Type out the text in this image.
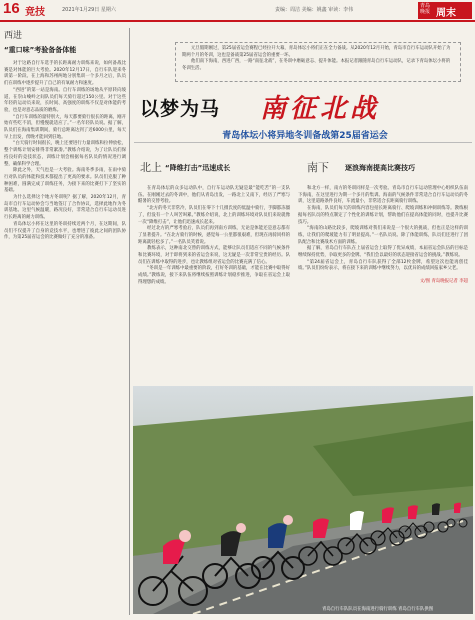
16 竞技	2021年1月29日 星期六	责编：周洁 美编：姚鑫 审读：李伟
青岛
晚报 周末
西进
“重口味”考验备备体能

对于这路自行车选手的长距离耐力训练来说，如何备战比赛是对体能的巨大考验。2020年12月17日，自行车队迎来冬训第一阶段。在上海和苏州两地分别集训一个多月之后，队员们在训练中逐步提升了自己的有氧耐力和速度。

“西进”的第一站是海南。自行车训练的场地从平原转向坡道，在崇山峻岭之间队员们每天骑行超过150公里。对于这些年轻的运动员来说，长时间、高强度的训练不仅是对体能的考验，也是对意志品质的磨炼。

“自行车训练的量特别大，每天都要骑行很长的距离，刚开始有些吃不消，但慢慢就适应了。”一名年轻队员说。据了解，队员们在海南集训期间，骑行总距离达到了近6000公里，每天早上出发，傍晚才能回到驻地。

“白天骑行时间很长，晚上还要进行力量训练和拉伸放松，整个训练计划安排得非常紧凑。”教练介绍说，为了让队员们保持良好的竞技状态，训练计划会根据每名队员的情况进行调整，确保科学合理。

除此之外，天气也是一大考验。海南冬季多雨，在雨中骑行对队员的体能和技术都提出了更高的要求。队员们克服了种种困难，圆满完成了训练任务，为接下来的比赛打下了坚实的基础。

为什么选择这个地方冬训呢？据了解，2020年12月，青岛市自行车运动协会与当地签订了合作协议，选择此地作为冬训基地。这里气候温暖，路况良好，非常适合自行车运动员进行长距离的耐力训练。

青岛体坛小将在这里的冬训持续近两个月，在这期间，队员们不仅提升了自身的竞技水平，也增进了彼此之间的团队协作，为第25届省运会的比赛做好了充分的准备。

元旦假期刚过，第25届省运会赛程已经拉开大幕，青岛体坛小将们正在全力备战。从2020年12月开始，青岛市自行车运动队开始了为期两个月的冬训，这也是备战第25届省运会的重要一环。

他们南下海南，西进广西，一路“南征北战”，在冬训中磨砺意志、提升体能。本报记者跟随青岛自行车运动队，记录下青岛体坛小将的冬训生活。

以梦为马 南征北战
青岛体坛小将异地冬训备战第25届省运会
北上 “降维打击”迅速成长	南下 逐浪海南提高比赛技巧

在青岛体坛的众多运动队中，自行车运动队无疑是最“能吃苦”的一支队伍。在刚刚过去的冬训中，他们从青岛出发，一路北上又南下，经历了严寒与酷暑的交替考验。

“北方的冬天非常冷，队员们在零下十几摄氏度的低温中骑行，手脚都冻僵了，但没有一个人叫苦叫累。”教练介绍说，北上的训练环境对队员们来说就像一次“降维打击”，让他们迅速成长起来。

经过北方的严寒考验后，队员们再到南方训练，无论是体能还是意志都有了显著提升。“在北方骑行的时候，感觉每一公里都很艰难，但现在再骑同样的距离就轻松多了。”一名队员笑着说。

教练表示，这种南北交替的训练方式，能够让队员们适应不同的气候条件和比赛环境，对于即将到来的省运会来说，这无疑是一次非常宝贵的经历。队员们在训练中取得的进步，也让教练组对省运会的比赛充满了信心。

“冬训是一年训练中最重要的阶段，打好冬训的基础，才能在比赛中取得好成绩。”教练说，接下来队伍将继续按照训练计划稳步推进，争取在省运会上取得理想的成绩。

和北方一样，南方的冬训同样是一次考验。青岛市自行车运动管理中心组织队伍南下海南，在这里进行为期一个多月的集训。海南的气候条件非常适合自行车运动员的冬训，这里道路条件良好，车流量小，非常适合长距离骑行训练。

在海南，队员们每天的训练内容包括长距离骑行、爬坡训练和冲刺训练等。教练根据每名队员的特点制定了个性化的训练计划，帮助他们在提高体能的同时，也提升比赛技巧。

“海南的山路比较多，爬坡训练对我们来说是一个很大的挑战，但也正是这样的训练，让我们的爬坡能力有了明显提高。”一名队员说。除了体能训练，队员们还进行了团队配合和比赛战术方面的训练。

据了解，青岛自行车队在上届省运会上取得了优异成绩，本届省运会队伍的目标是继续保持优势，争取更多的金牌。“我们会以最好的状态迎接省运会的挑战。”教练说。

“第24届省运会上，青岛自行车队获得了全部12枚金牌，希望这次也能再创佳绩。”队员们纷纷表示，将在接下来的训练中继续努力，以优异的成绩回报家乡父老。

文/图 青岛晚报记者 李超
青岛自行车队队员在海南进行骑行训练 青岛自行车队供图
